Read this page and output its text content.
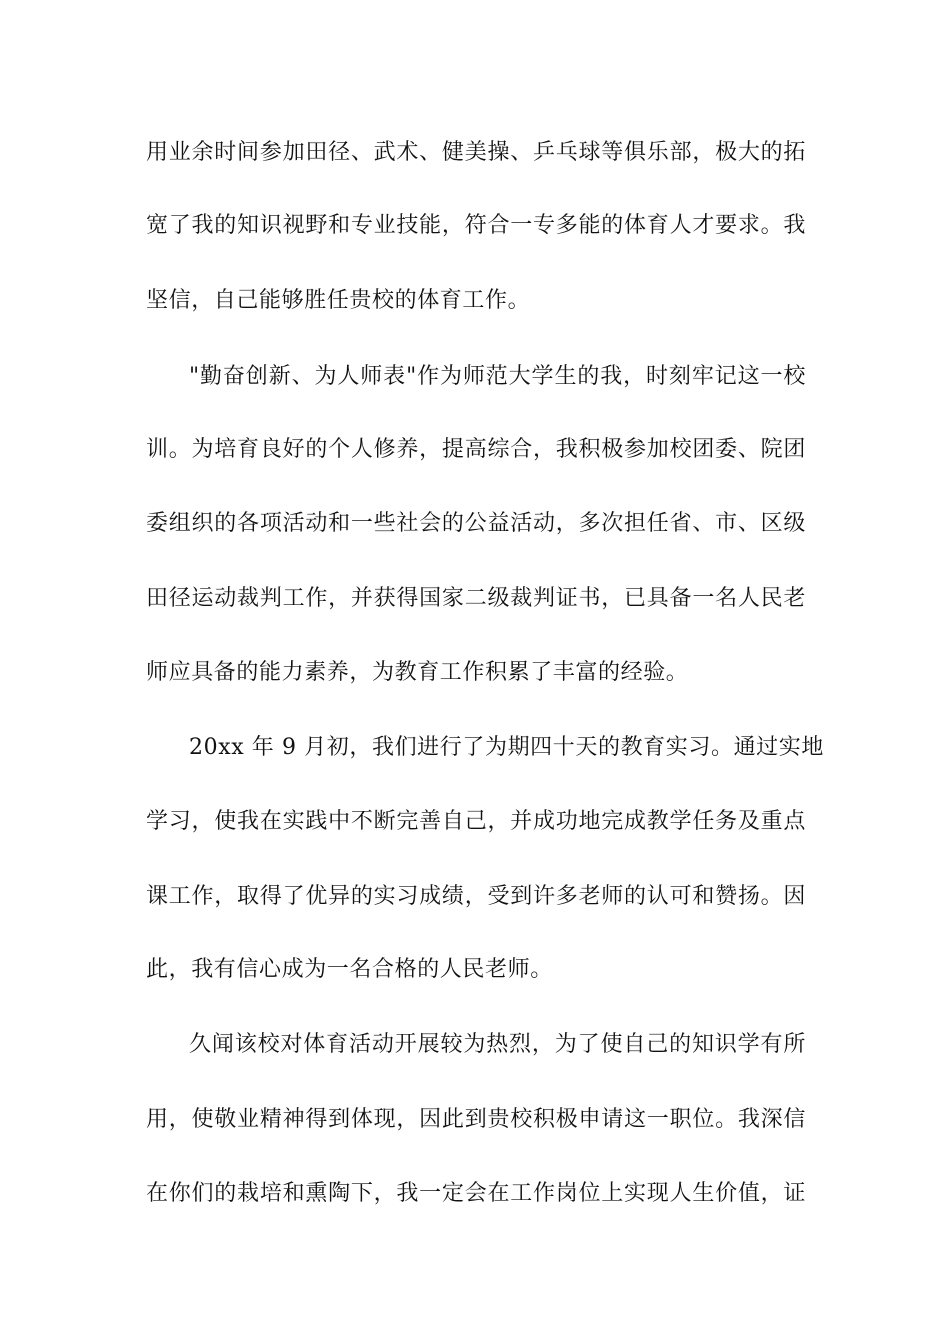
用业余时间参加田径、武术、健美操、乒乓球等俱乐部，极大的拓
宽了我的知识视野和专业技能，符合一专多能的体育人才要求。我
坚信，自己能够胜任贵校的体育工作。
"勤奋创新、为人师表"作为师范大学生的我，时刻牢记这一校
训。为培育良好的个人修养，提高综合，我积极参加校团委、院团
委组织的各项活动和一些社会的公益活动，多次担任省、市、区级
田径运动裁判工作，并获得国家二级裁判证书，已具备一名人民老
师应具备的能力素养，为教育工作积累了丰富的经验。
20xx 年 9 月初，我们进行了为期四十天的教育实习。通过实地
学习，使我在实践中不断完善自己，并成功地完成教学任务及重点
课工作，取得了优异的实习成绩，受到许多老师的认可和赞扬。因
此，我有信心成为一名合格的人民老师。
久闻该校对体育活动开展较为热烈，为了使自己的知识学有所
用，使敬业精神得到体现，因此到贵校积极申请这一职位。我深信
在你们的栽培和熏陶下，我一定会在工作岗位上实现人生价值，证
